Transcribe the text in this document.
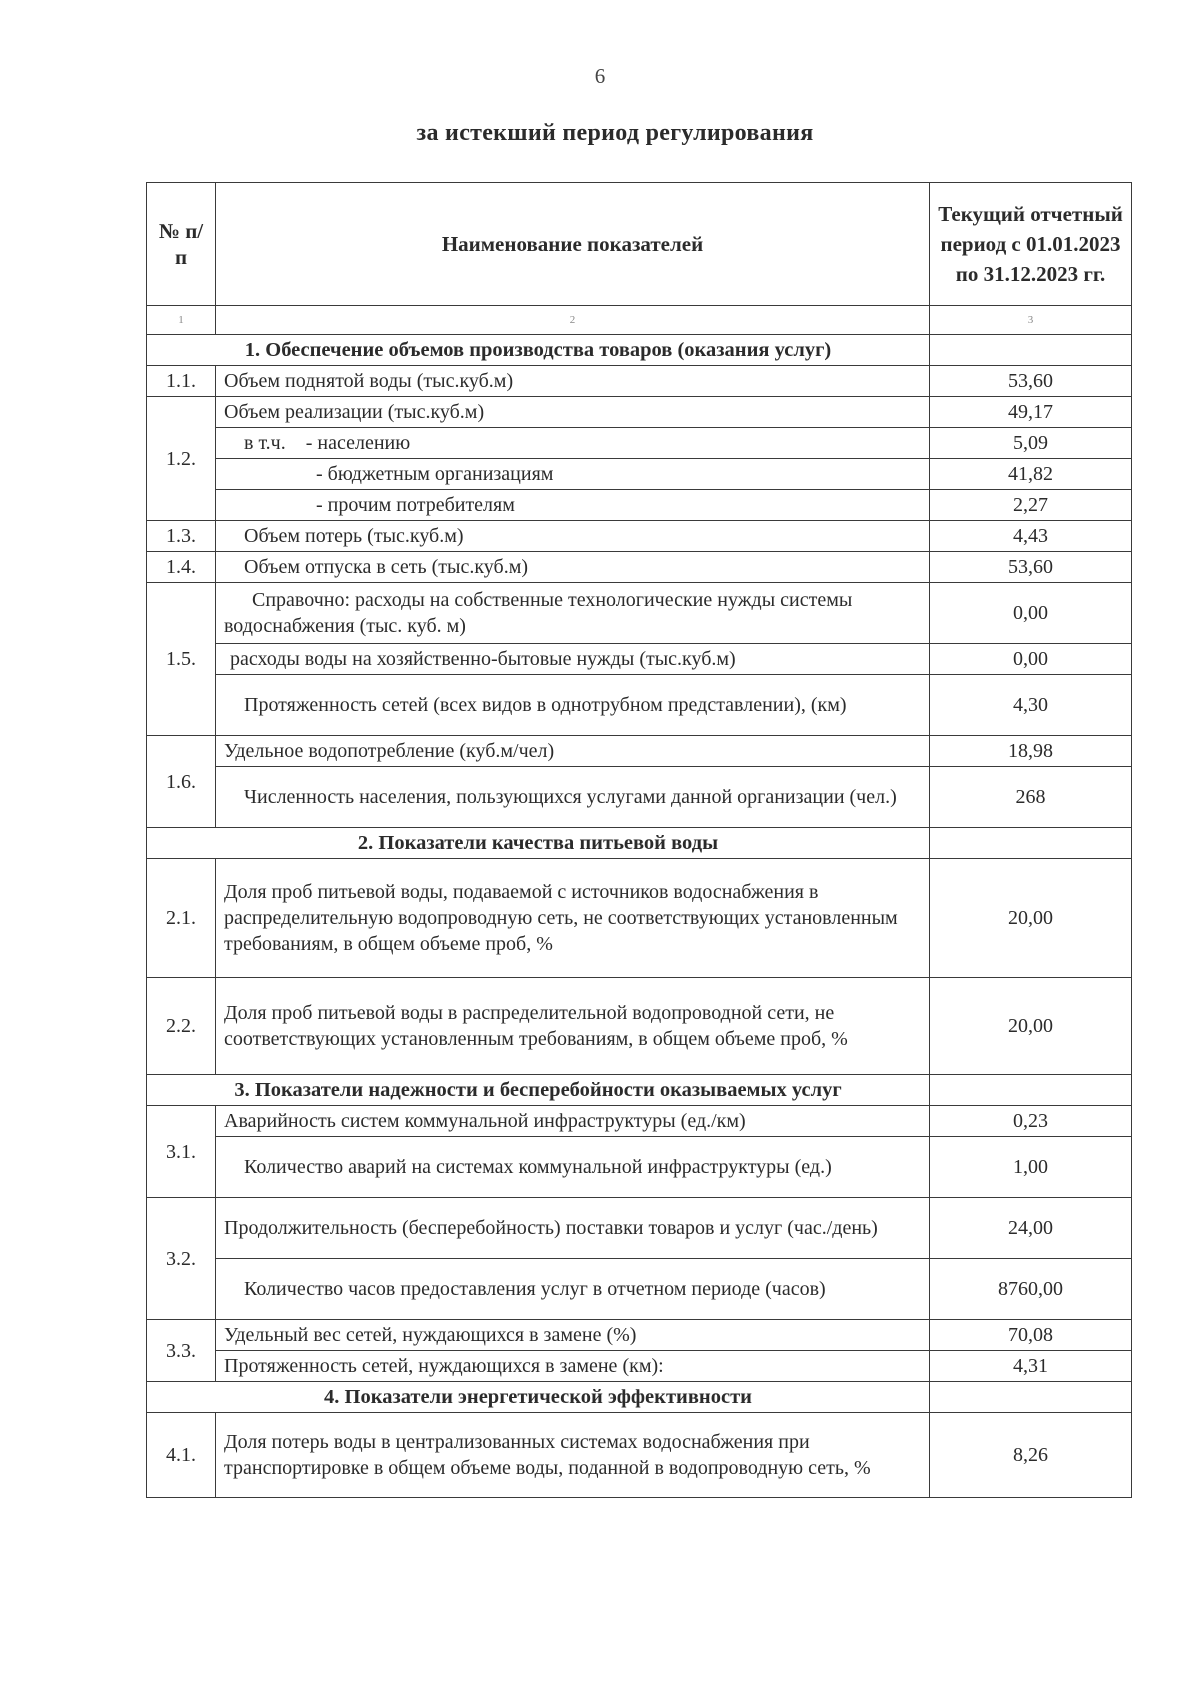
6
за истекший период регулирования
№ п/п	Наименование показателей	Текущий отчетный период с 01.01.2023 по 31.12.2023 гг.
1	2	3
1. Обеспечение объемов производства товаров (оказания услуг)		
1.1.	Объем поднятой воды (тыс.куб.м)	53,60
1.2.	Объем реализации (тыс.куб.м)	49,17
	в т.ч.    - населению	5,09
	- бюджетным организациям	41,82
	- прочим потребителям	2,27
1.3.	Объем потерь (тыс.куб.м)	4,43
1.4.	Объем отпуска в сеть (тыс.куб.м)	53,60
1.5.	Справочно: расходы на собственные технологические нужды системы водоснабжения (тыс. куб. м)	0,00
	расходы воды на хозяйственно-бытовые нужды (тыс.куб.м)	0,00
	Протяженность сетей (всех видов в однотрубном представлении), (км)	4,30
1.6.	Удельное водопотребление (куб.м/чел)	18,98
	Численность населения, пользующихся услугами данной организации (чел.)	268
2. Показатели качества питьевой воды		
2.1.	Доля проб питьевой воды, подаваемой с источников водоснабжения в распределительную водопроводную сеть, не соответствующих установленным требованиям, в общем объеме проб, %	20,00
2.2.	Доля проб питьевой воды в распределительной водопроводной сети, не соответствующих установленным требованиям, в общем объеме проб, %	20,00
3. Показатели надежности и бесперебойности оказываемых услуг		
3.1.	Аварийность систем коммунальной инфраструктуры (ед./км)	0,23
	Количество аварий на системах коммунальной инфраструктуры (ед.)	1,00
3.2.	Продолжительность (бесперебойность) поставки товаров и услуг (час./день)	24,00
	Количество часов предоставления услуг в отчетном периоде (часов)	8760,00
3.3.	Удельный вес сетей, нуждающихся в замене (%)	70,08
	Протяженность сетей, нуждающихся в замене (км):	4,31
4. Показатели энергетической эффективности		
4.1.	Доля потерь воды в централизованных системах водоснабжения при транспортировке в общем объеме воды, поданной в водопроводную сеть, %	8,26
